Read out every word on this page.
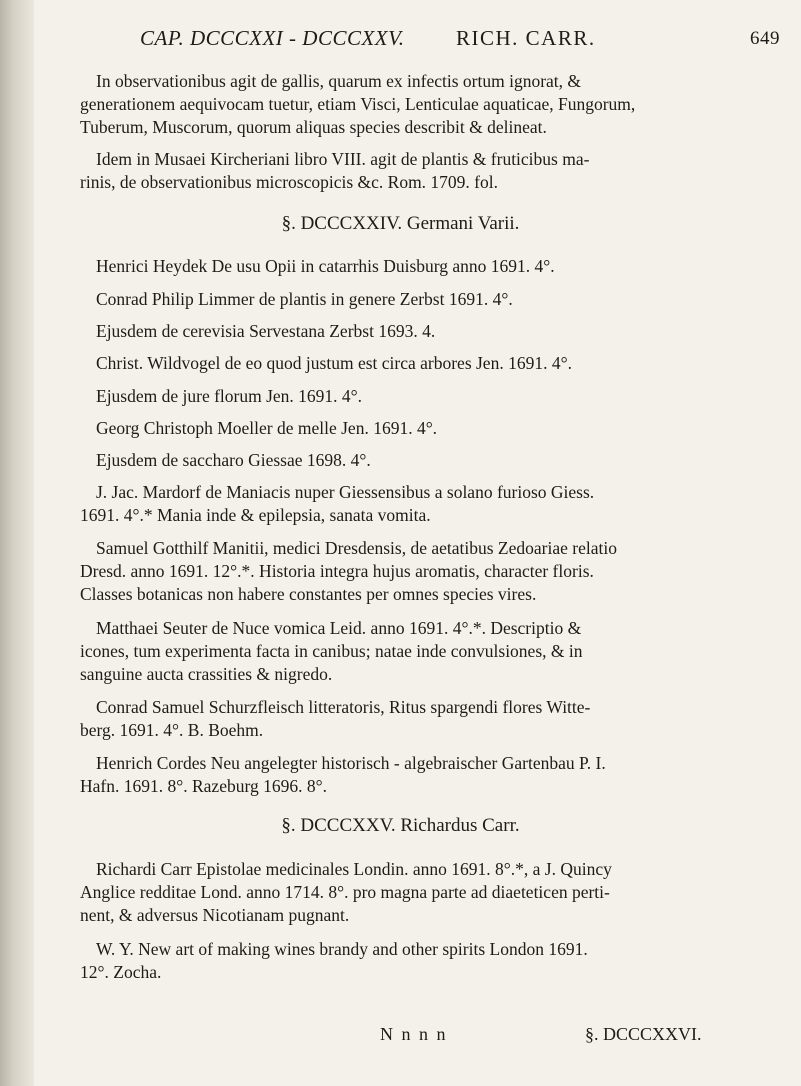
CAP. DCCCXXI - DCCCXXV. RICH. CARR.	649
In observationibus agit de gallis, quarum ex infectis ortum ignorat, &
generationem aequivocam tuetur, etiam Visci, Lenticulae aquaticae, Fungorum,
Tuberum, Muscorum, quorum aliquas species describit & delineat.
Idem in Musaei Kircheriani libro VIII. agit de plantis & fruticibus ma-
rinis, de observationibus microscopicis &c. Rom. 1709. fol.
§. DCCCXXIV. Germani Varii.
Henrici Heydek De usu Opii in catarrhis Duisburg anno 1691. 4°.
Conrad Philip Limmer de plantis in genere Zerbst 1691. 4°.
Ejusdem de cerevisia Servestana Zerbst 1693. 4.
Christ. Wildvogel de eo quod justum est circa arbores Jen. 1691. 4°.
Ejusdem de jure florum Jen. 1691. 4°.
Georg Christoph Moeller de melle Jen. 1691. 4°.
Ejusdem de saccharo Giessae 1698. 4°.
J. Jac. Mardorf de Maniacis nuper Giessensibus a solano furioso Giess.
1691. 4°.* Mania inde & epilepsia, sanata vomita.
Samuel Gotthilf Manitii, medici Dresdensis, de aetatibus Zedoariae relatio
Dresd. anno 1691. 12°.*. Historia integra hujus aromatis, character floris.
Classes botanicas non habere constantes per omnes species vires.
Matthaei Seuter de Nuce vomica Leid. anno 1691. 4°.*. Descriptio &
icones, tum experimenta facta in canibus; natae inde convulsiones, & in
sanguine aucta crassities & nigredo.
Conrad Samuel Schurzfleisch litteratoris, Ritus spargendi flores Witte-
berg. 1691. 4°. B. Boehm.
Henrich Cordes Neu angelegter historisch - algebraischer Gartenbau P. I.
Hafn. 1691. 8°. Razeburg 1696. 8°.
§. DCCCXXV. Richardus Carr.
Richardi Carr Epistolae medicinales Londin. anno 1691. 8°.*, a J. Quincy
Anglice redditae Lond. anno 1714. 8°. pro magna parte ad diaeteticen perti-
nent, & adversus Nicotianam pugnant.
W. Y. New art of making wines brandy and other spirits London 1691.
12°. Zocha.
N n n n	§. DCCCXXVI.
